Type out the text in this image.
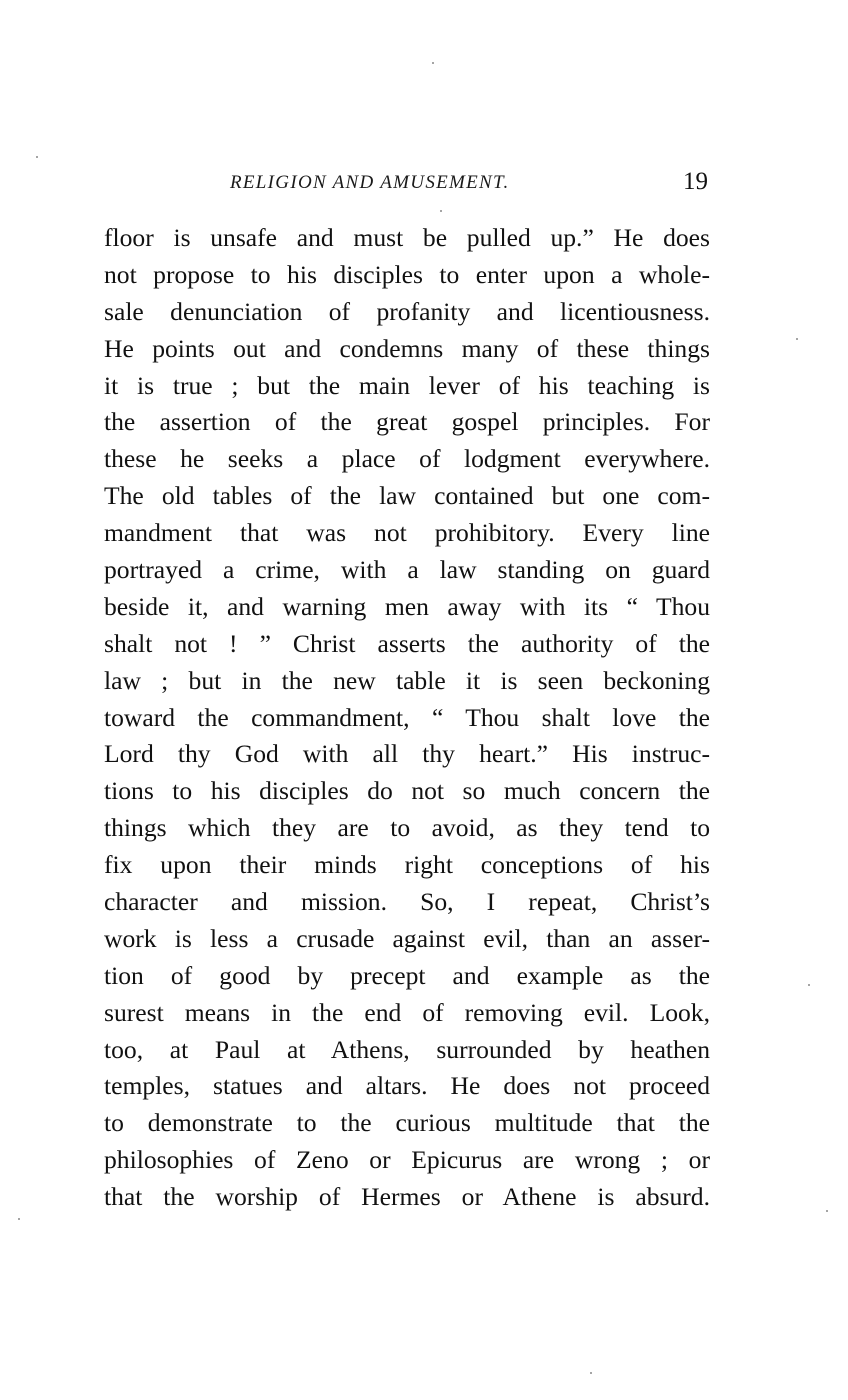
RELIGION AND AMUSEMENT.	19
floor is unsafe and must be pulled up.” He does
not propose to his disciples to enter upon a whole-
sale denunciation of profanity and licentiousness.
He points out and condemns many of these things
it is true ; but the main lever of his teaching is
the assertion of the great gospel principles. For
these he seeks a place of lodgment everywhere.
The old tables of the law contained but one com-
mandment that was not prohibitory. Every line
portrayed a crime, with a law standing on guard
beside it, and warning men away with its “ Thou
shalt not ! ” Christ asserts the authority of the
law ; but in the new table it is seen beckoning
toward the commandment, “ Thou shalt love the
Lord thy God with all thy heart.” His instruc-
tions to his disciples do not so much concern the
things which they are to avoid, as they tend to
fix upon their minds right conceptions of his
character and mission. So, I repeat, Christ’s
work is less a crusade against evil, than an asser-
tion of good by precept and example as the
surest means in the end of removing evil. Look,
too, at Paul at Athens, surrounded by heathen
temples, statues and altars. He does not proceed
to demonstrate to the curious multitude that the
philosophies of Zeno or Epicurus are wrong ; or
that the worship of Hermes or Athene is absurd.
